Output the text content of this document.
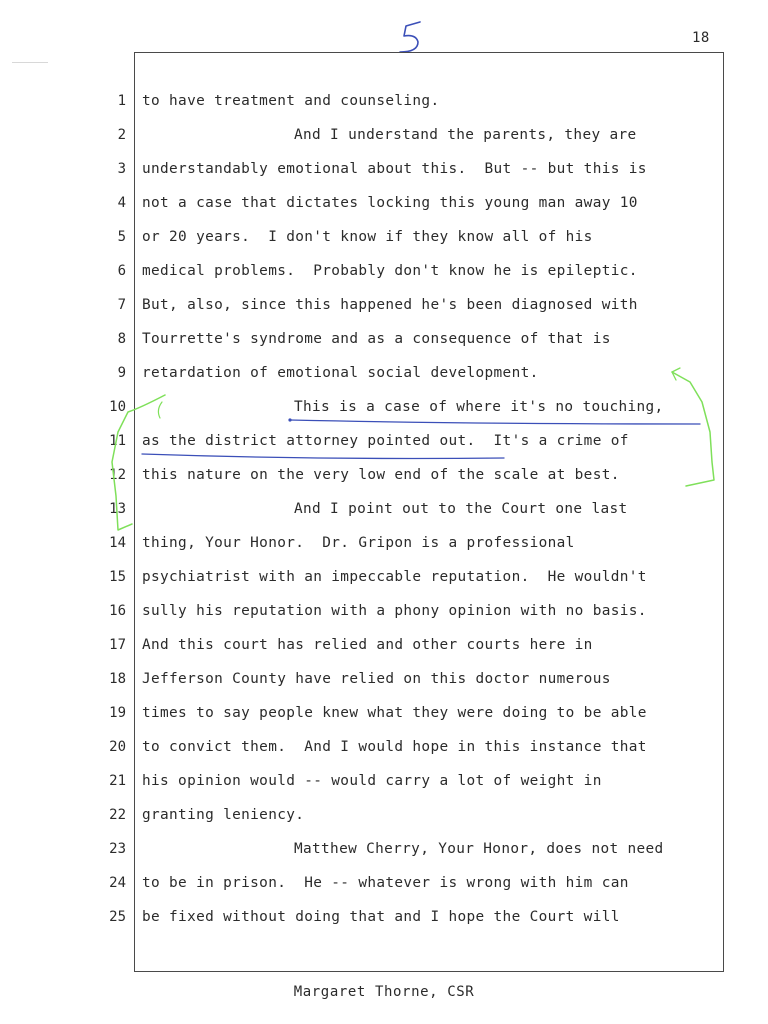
18
1
2
3
4
5
6
7
8
9
10
11
12
13
14
15
16
17
18
19
20
21
22
23
24
25
to have treatment and counseling.
And I understand the parents, they are
understandably emotional about this.  But -- but this is
not a case that dictates locking this young man away 10
or 20 years.  I don't know if they know all of his
medical problems.  Probably don't know he is epileptic.
But, also, since this happened he's been diagnosed with
Tourrette's syndrome and as a consequence of that is
retardation of emotional social development.
This is a case of where it's no touching,
as the district attorney pointed out.  It's a crime of
this nature on the very low end of the scale at best.
And I point out to the Court one last
thing, Your Honor.  Dr. Gripon is a professional
psychiatrist with an impeccable reputation.  He wouldn't
sully his reputation with a phony opinion with no basis.
And this court has relied and other courts here in
Jefferson County have relied on this doctor numerous
times to say people knew what they were doing to be able
to convict them.  And I would hope in this instance that
his opinion would -- would carry a lot of weight in
granting leniency.
Matthew Cherry, Your Honor, does not need
to be in prison.  He -- whatever is wrong with him can
be fixed without doing that and I hope the Court will
Margaret Thorne, CSR
